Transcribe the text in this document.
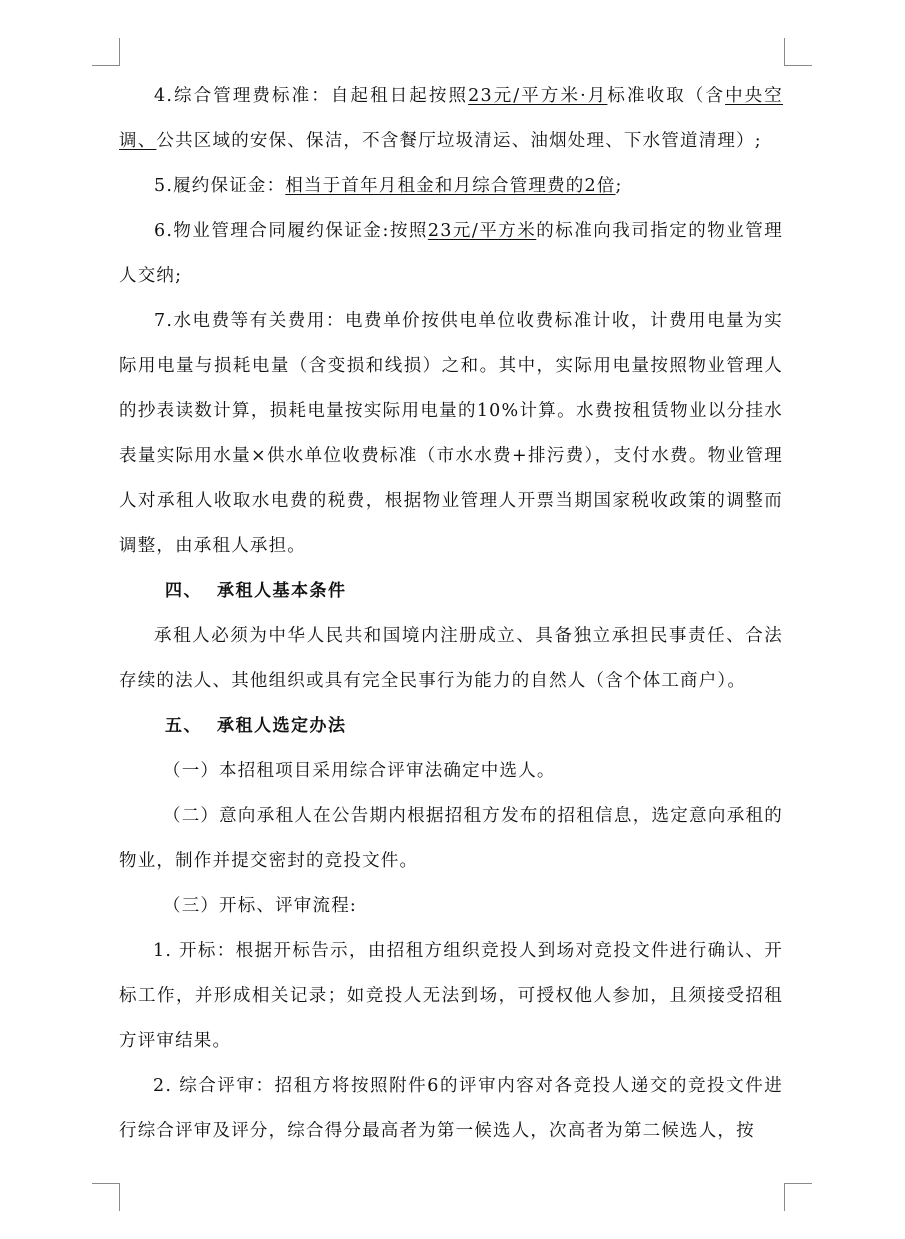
4.综合管理费标准：自起租日起按照23元/平方米·月标准收取（含中央空调、公共区域的安保、保洁，不含餐厅垃圾清运、油烟处理、下水管道清理）;

5.履约保证金：相当于首年月租金和月综合管理费的2倍;

6.物业管理合同履约保证金:按照23元/平方米的标准向我司指定的物业管理人交纳;

7.水电费等有关费用：电费单价按供电单位收费标准计收，计费用电量为实际用电量与损耗电量（含变损和线损）之和。其中，实际用电量按照物业管理人的抄表读数计算，损耗电量按实际用电量的10%计算。水费按租赁物业以分挂水表量实际用水量×供水单位收费标准（市水水费+排污费），支付水费。物业管理人对承租人收取水电费的税费，根据物业管理人开票当期国家税收政策的调整而调整，由承租人承担。

四、 承租人基本条件

承租人必须为中华人民共和国境内注册成立、具备独立承担民事责任、合法存续的法人、其他组织或具有完全民事行为能力的自然人（含个体工商户）。

五、 承租人选定办法

（一）本招租项目采用综合评审法确定中选人。

（二）意向承租人在公告期内根据招租方发布的招租信息，选定意向承租的物业，制作并提交密封的竞投文件。

（三）开标、评审流程:

1. 开标：根据开标告示，由招租方组织竞投人到场对竞投文件进行确认、开标工作，并形成相关记录；如竞投人无法到场，可授权他人参加，且须接受招租方评审结果。

2. 综合评审：招租方将按照附件6的评审内容对各竞投人递交的竞投文件进行综合评审及评分，综合得分最高者为第一候选人，次高者为第二候选人，按
